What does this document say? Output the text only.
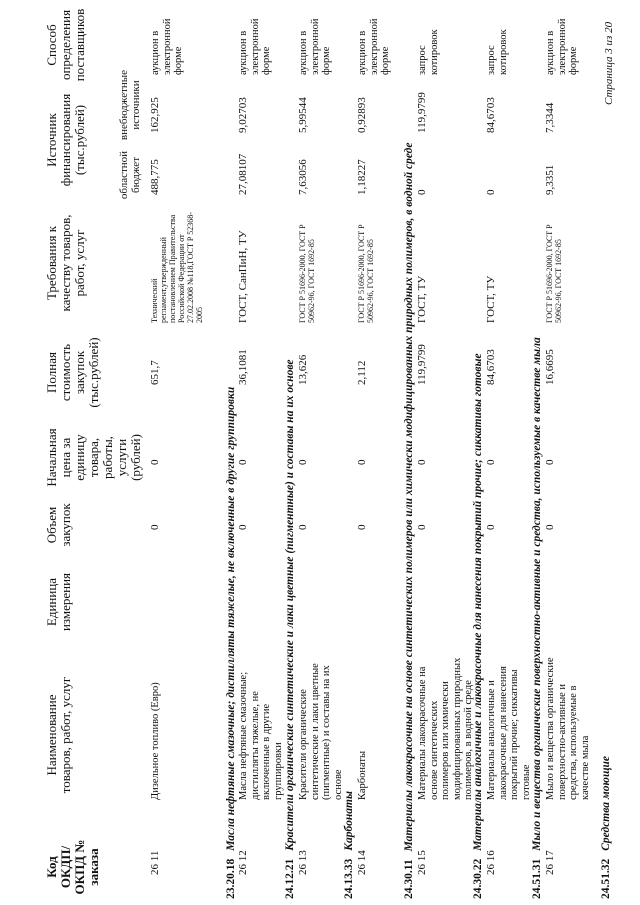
Код ОКДП/ ОКПД № заказа
Наименование товаров, работ, услуг
Единица измерения
Объем закупок
Начальная цена за единицу товара, работы, услуги (рублей)
Полная стоимость закупок (тыс.рублей)
Требования к качеству товаров, работ, услуг
Источник финансирования (тыс.рублей)	областной бюджет
внебюджетные источники
Способ определения поставщиков
26 11
Дизельное топливо (Евро)
0
0
651,7
Технический регламент,утвержденный постановлением Правительства Российской Федерации от 27.02.2008 №118,ГОСТ Р 52368-2005
488,775
162,925
аукцион в электронной форме
23.20.18Масла нефтяные смазочные; дистилляты тяжелые, не включенные в другие группировки
26 12
Масла нефтяные смазочные; дистилляты тяжелые, не включенные в другие группировки
0
0
36,1081
ГОСТ, СанПиН, ТУ
27,08107
9,02703
аукцион в электронной форме
24.12.21Красители органические синтетические и лаки цветные (пигментные) и составы на их основе
26 13
Красители органические синтетические и лаки цветные (пигментные) и составы на их основе
0
0
13,626
ГОСТ Р 51696-2000, ГОСТ Р 50962-96, ГОСТ 1692-85
7,63056
5,99544
аукцион в электронной форме
24.13.33Карбонаты
26 14
Карбонаты
0
0
2,112
ГОСТ Р 51696-2000, ГОСТ Р 50962-96, ГОСТ 1692-85
1,18227
0,92893
аукцион в электронной форме
24.30.11Материалы лакокрасочные на основе синтетических полимеров или химически модифицированных природных полимеров, в водной среде
26 15
Материалы лакокрасочные на основе синтетических полимеров или химически модифицированных природных полимеров, в водной среде
0
0
119,9799
ГОСТ, ТУ
0
119,9799
запрос котировок
24.30.22Материалы аналогичные и лакокрасочные для нанесения покрытий прочие; сиккативы готовые
26 16
Материалы аналогичные и лакокрасочные для нанесения покрытий прочие; сиккативы готовые
0
0
84,6703
ГОСТ, ТУ
0
84,6703
запрос котировок
24.51.31Мыло и вещества органические поверхностно-активные и средства, используемые в качестве мыла
26 17
Мыло и вещества органические поверхностно-активные и средства, используемые в качестве мыла
0
0
16,6695
ГОСТ Р 51696-2000, ГОСТ Р 50962-96, ГОСТ 1692-85
9,3351
7,3344
аукцион в электронной форме
24.51.32Средства моющие
Страница 3 из 20
